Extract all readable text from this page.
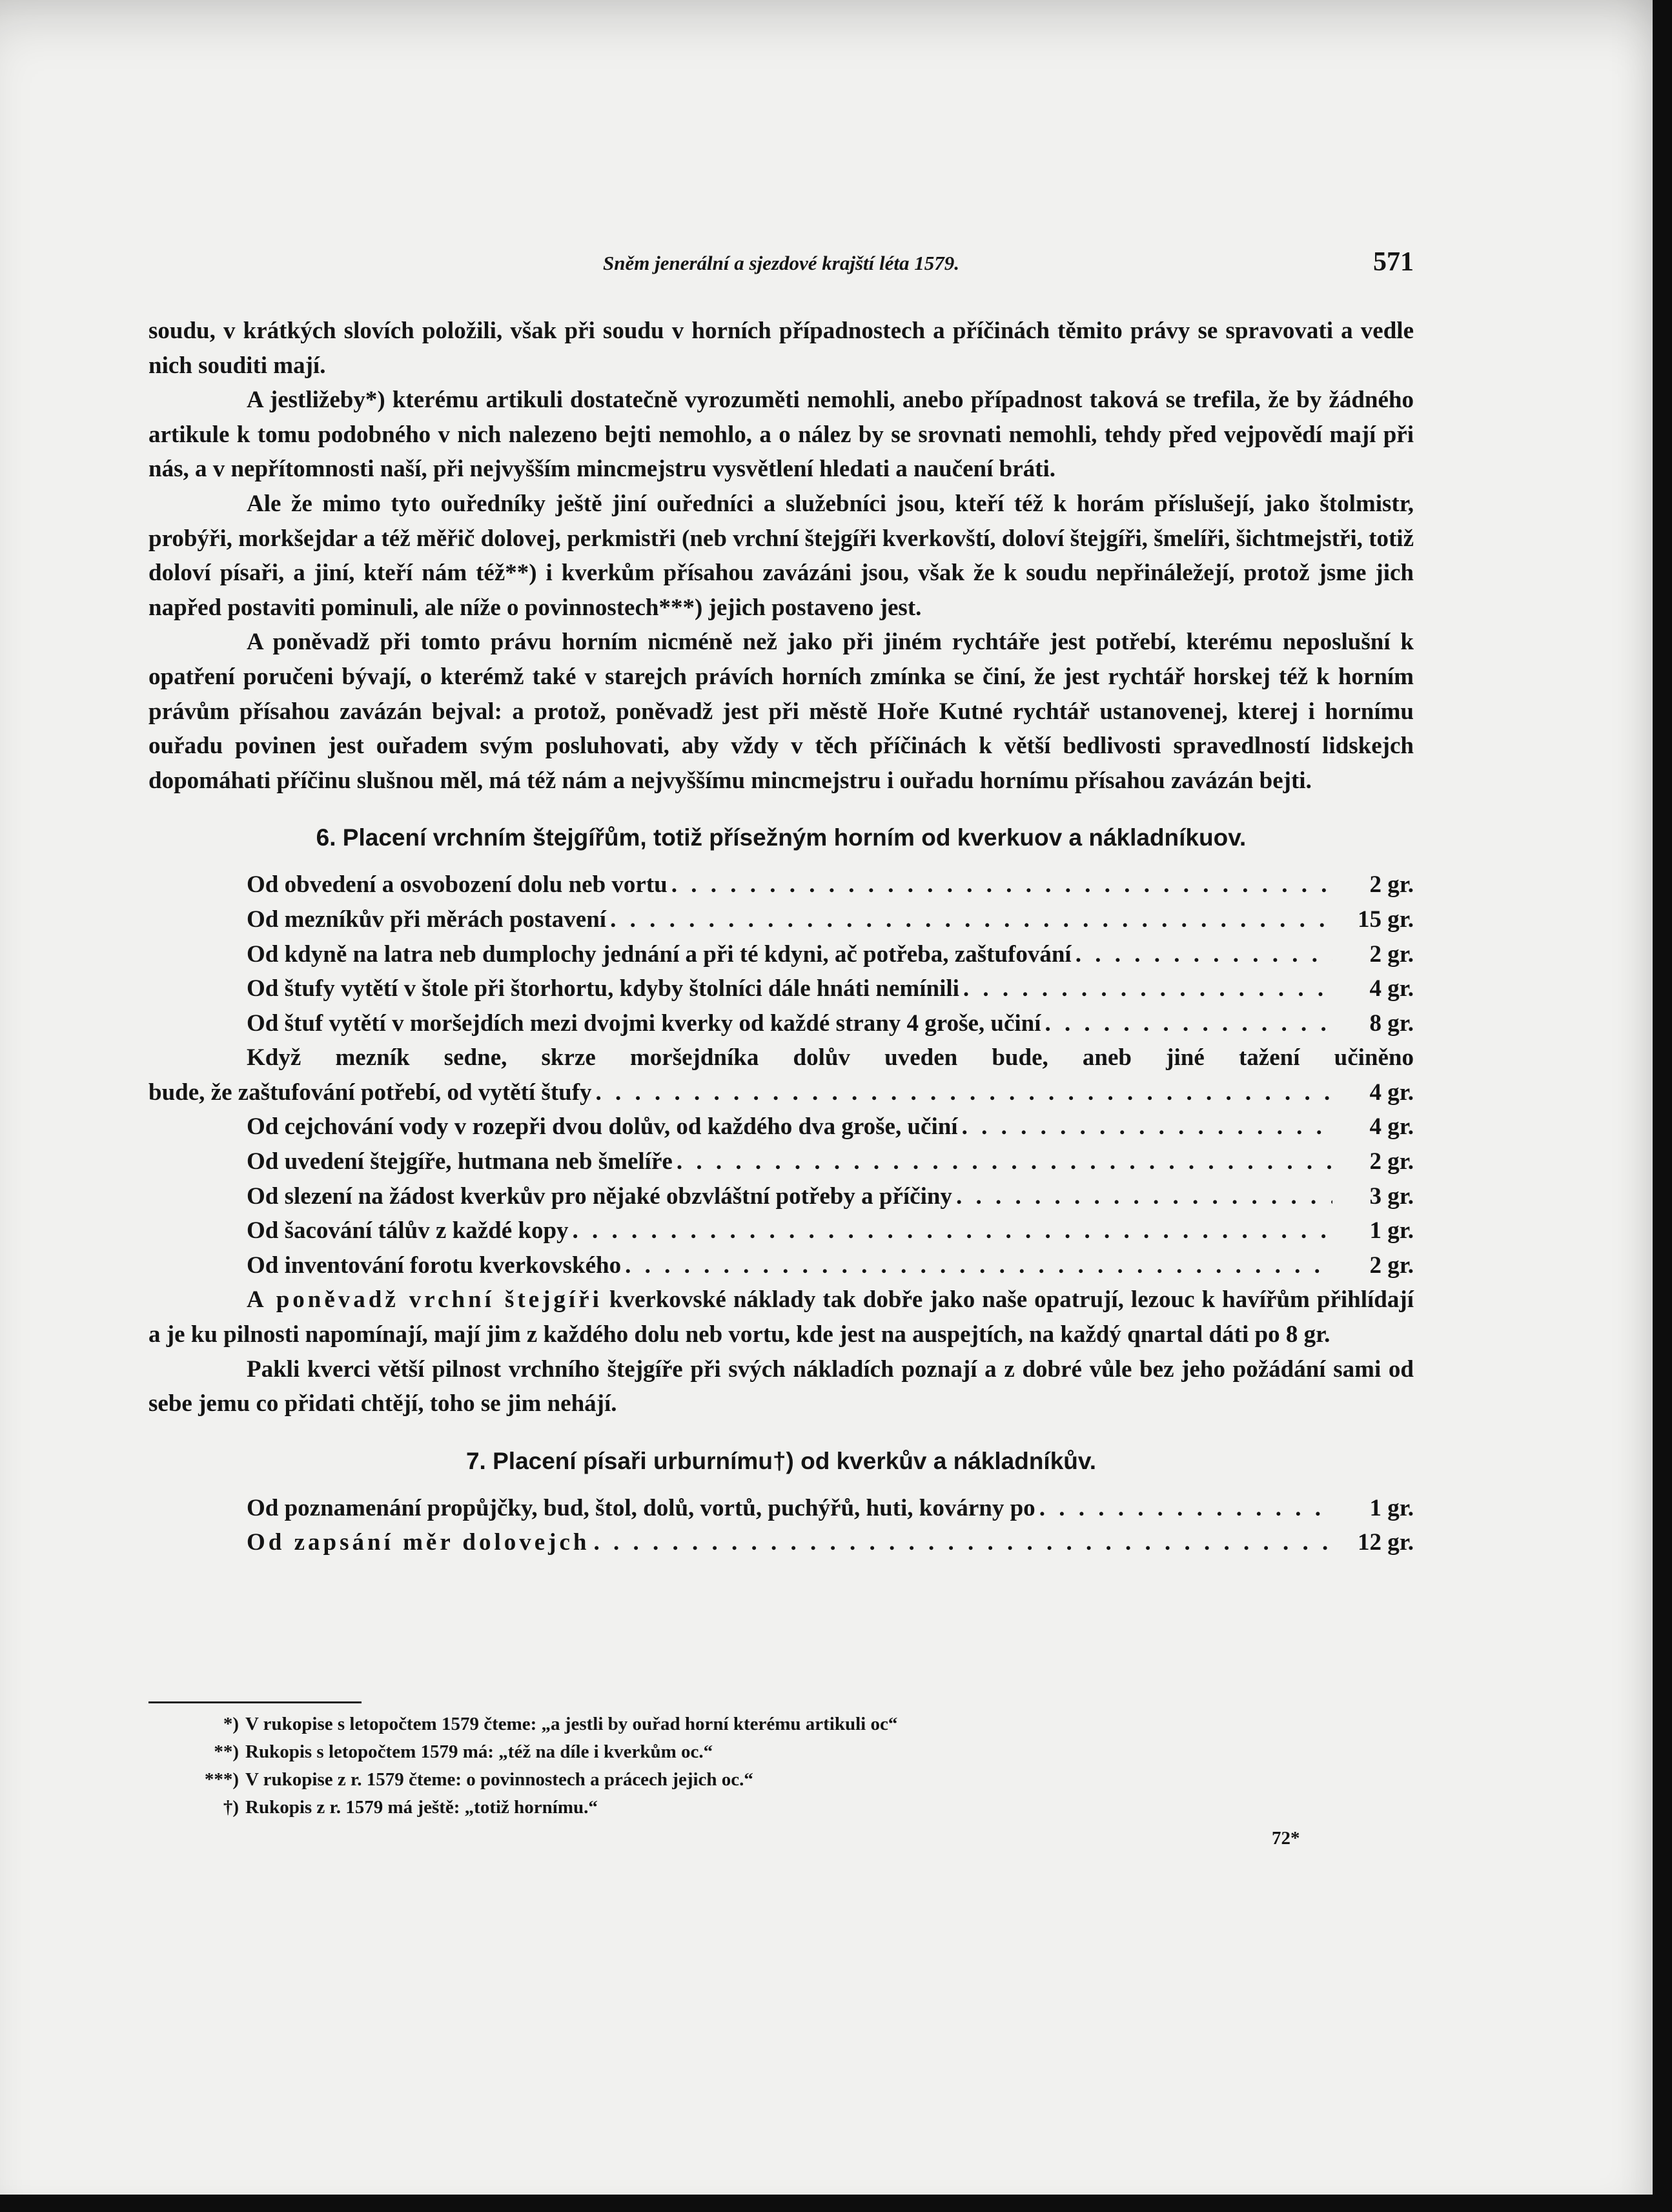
Sněm jenerální a sjezdové krajští léta 1579.	571

soudu, v krátkých slovích položili, však při soudu v horních případnostech a příčinách těmito právy se spravovati a vedle nich souditi mají.

A jestližeby*) kterému artikuli dostatečně vyrozuměti nemohli, anebo případnost taková se trefila, že by žádného artikule k tomu podobného v nich nalezeno bejti nemohlo, a o nález by se srovnati nemohli, tehdy před vejpovědí mají při nás, a v nepřítomnosti naší, při nejvyšším mincmejstru vysvětlení hledati a naučení bráti.

Ale že mimo tyto ouředníky ještě jiní ouředníci a služebníci jsou, kteří též k horám příslušejí, jako štolmistr, probýři, morkšejdar a též měřič dolovej, perkmistři (neb vrchní štejgíři kverkovští, doloví štejgíři, šmelíři, šichtmejstři, totiž doloví písaři, a jiní, kteří nám též**) i kverkům přísahou zavázáni jsou, však že k soudu nepřináležejí, protož jsme jich napřed postaviti pominuli, ale níže o povinnostech***) jejich postaveno jest.

A poněvadž při tomto právu horním nicméně než jako při jiném rychtáře jest potřebí, kterému neposlušní k opatření poručeni bývají, o kterémž také v starejch právích horních zmínka se činí, že jest rychtář horskej též k horním právům přísahou zavázán bejval: a protož, poněvadž jest při městě Hoře Kutné rychtář ustanovenej, kterej i hornímu ouřadu povinen jest ouřadem svým posluhovati, aby vždy v těch příčinách k větší bedlivosti spravedlností lidskejch dopomáhati příčinu slušnou měl, má též nám a nejvyššímu mincmejstru i ouřadu hornímu přísahou zavázán bejti.

6. Placení vrchním štejgířům, totiž přísežným horním od kverkuov a nákladníkuov.
Od obvedení a osvobození dolu neb vortu . . .	2 gr.
Od mezníkův při měrách postavení . . .	15 gr.
Od kdyně na latra neb dumplochy jednání a při té kdyni, ač potřeba, zaštufování . . .	2 gr.
Od štufy vytětí v štole při štorhortu, kdyby štolníci dále hnáti nemínili . . .	4 gr.
Od štuf vytětí v moršejdích mezi dvojmi kverky od každé strany 4 groše, učiní . . .	8 gr.
Když mezník sedne, skrze moršejdníka dolův uveden bude, aneb jiné tažení učiněno
bude, že zaštufování potřebí, od vytětí štufy . . .	4 gr.
Od cejchování vody v rozepři dvou dolův, od každého dva groše, učiní . . .	4 gr.
Od uvedení štejgíře, hutmana neb šmelíře . . .	2 gr.
Od slezení na žádost kverkův pro nějaké obzvláštní potřeby a příčiny . . .	3 gr.
Od šacování tálův z každé kopy . . .	1 gr.
Od inventování forotu kverkovského . . .	2 gr.

A poněvadž vrchní štejgíři kverkovské náklady tak dobře jako naše opatrují, lezouc k havířům přihlídají a je ku pilnosti napomínají, mají jim z každého dolu neb vortu, kde jest na auspejtích, na každý qnartal dáti po 8 gr.

Pakli kverci větší pilnost vrchního štejgíře při svých nákladích poznají a z dobré vůle bez jeho požádání sami od sebe jemu co přidati chtějí, toho se jim nehájí.

7. Placení písaři urburnímu†) od kverkův a nákladníkův.
Od poznamenání propůjčky, bud, štol, dolů, vortů, puchýřů, huti, kovárny po . . .	1 gr.
Od zapsání měr dolovejch . . .	12 gr.
*) V rukopise s letopočtem 1579 čteme: „a jestli by ouřad horní kterému artikuli oc“
**) Rukopis s letopočtem 1579 má: „též na díle i kverkům oc.“
***) V rukopise z r. 1579 čteme: o povinnostech a prácech jejich oc.“
†) Rukopis z r. 1579 má ještě: „totiž hornímu.“
72*
